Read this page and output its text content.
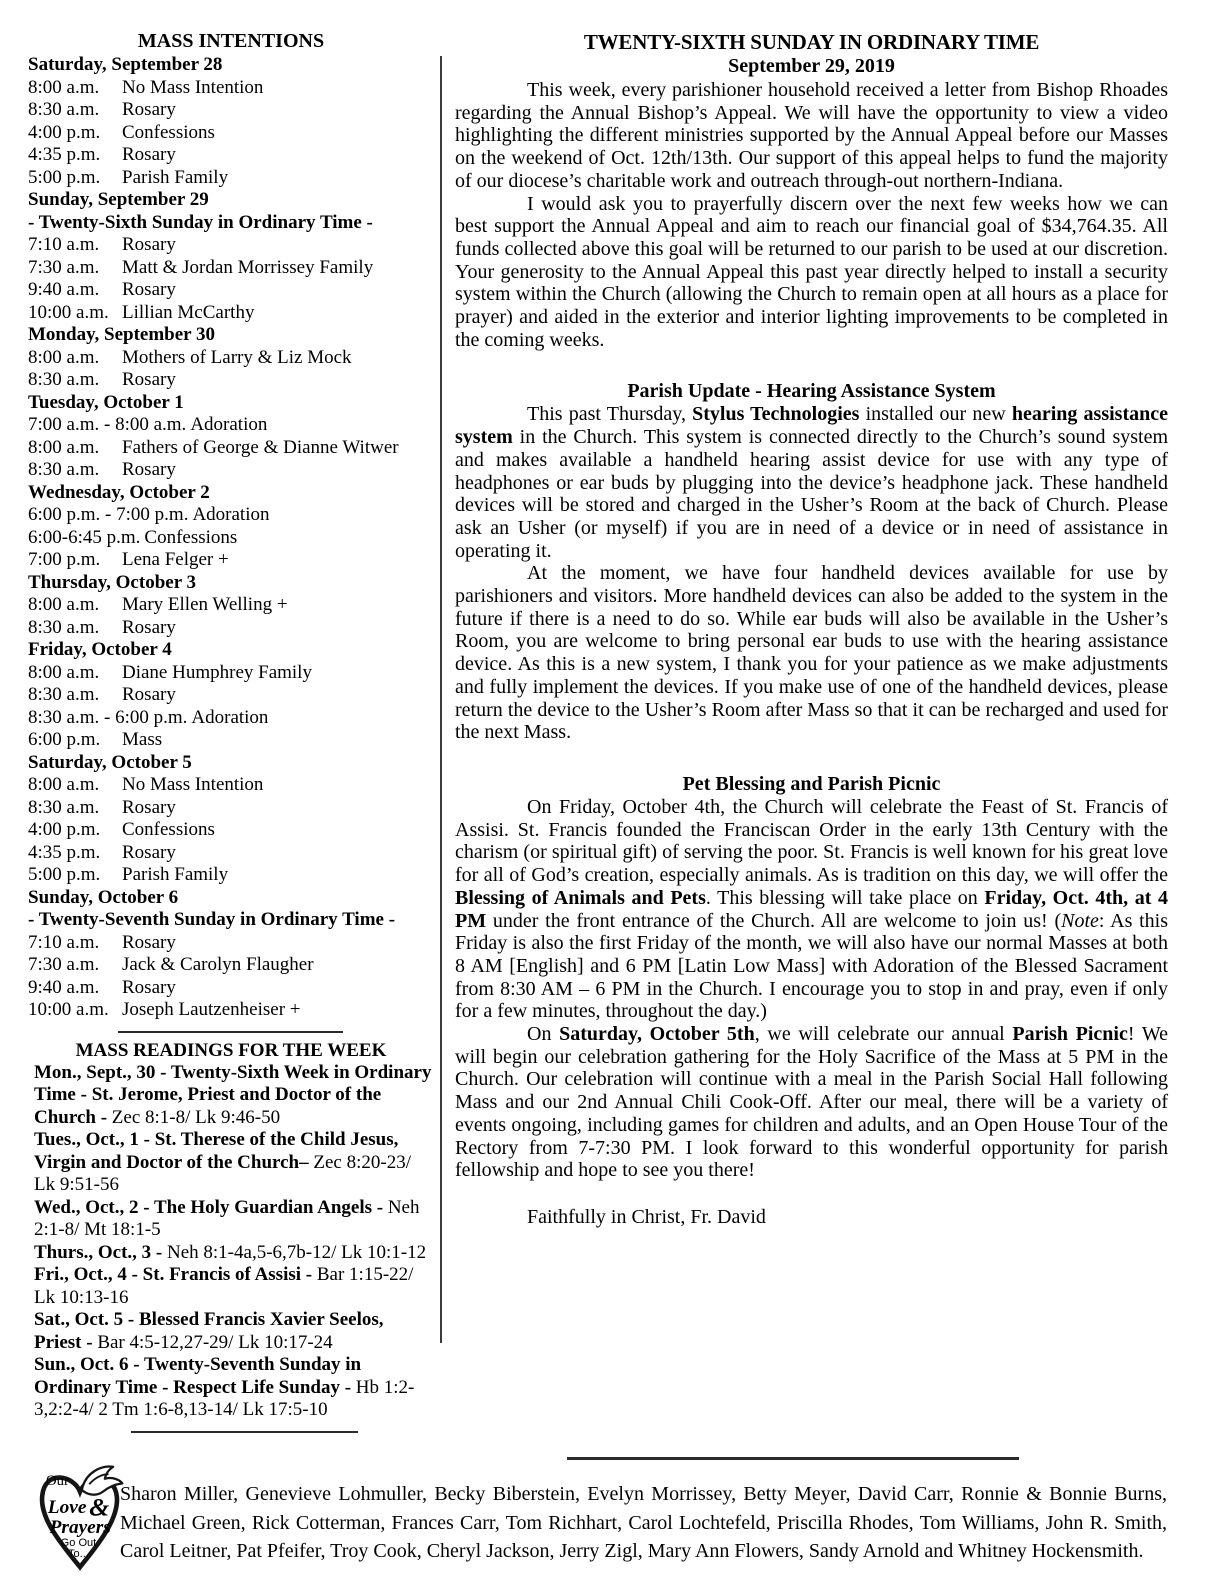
MASS INTENTIONS
Saturday, September 28
8:00 a.m.	No Mass Intention
8:30 a.m.	Rosary
4:00 p.m.	Confessions
4:35 p.m.	Rosary
5:00 p.m.	Parish Family
Sunday, September 29
- Twenty-Sixth Sunday in Ordinary Time -
7:10 a.m.	Rosary
7:30 a.m.	Matt & Jordan Morrissey Family
9:40 a.m.	Rosary
10:00 a.m. Lillian McCarthy
Monday, September 30
8:00 a.m.	Mothers of Larry & Liz Mock
8:30 a.m.	Rosary
Tuesday, October 1
7:00 a.m. - 8:00 a.m. Adoration
8:00 a.m.	Fathers of George & Dianne Witwer
8:30 a.m.	Rosary
Wednesday, October 2
6:00 p.m. - 7:00 p.m. Adoration
6:00-6:45 p.m. Confessions
7:00 p.m.	Lena Felger +
Thursday, October 3
8:00 a.m.	Mary Ellen Welling +
8:30 a.m.	Rosary
Friday, October 4
8:00 a.m.	Diane Humphrey Family
8:30 a.m.	Rosary
8:30 a.m. - 6:00 p.m. Adoration
6:00 p.m.	Mass
Saturday, October 5
8:00 a.m.	No Mass Intention
8:30 a.m.	Rosary
4:00 p.m.	Confessions
4:35 p.m.	Rosary
5:00 p.m.	Parish Family
Sunday, October 6
- Twenty-Seventh Sunday in Ordinary Time -
7:10 a.m.	Rosary
7:30 a.m.	Jack & Carolyn Flaugher
9:40 a.m.	Rosary
10:00 a.m. Joseph Lautzenheiser +
MASS READINGS FOR THE WEEK
Mon., Sept., 30 - Twenty-Sixth Week in Ordinary Time - St. Jerome, Priest and Doctor of the Church - Zec 8:1-8/ Lk 9:46-50
Tues., Oct., 1 - St. Therese of the Child Jesus, Virgin and Doctor of the Church– Zec 8:20-23/ Lk 9:51-56
Wed., Oct., 2 - The Holy Guardian Angels - Neh 2:1-8/ Mt 18:1-5
Thurs., Oct., 3 - Neh 8:1-4a,5-6,7b-12/ Lk 10:1-12
Fri., Oct., 4 - St. Francis of Assisi - Bar 1:15-22/ Lk 10:13-16
Sat., Oct. 5 - Blessed Francis Xavier Seelos, Priest - Bar 4:5-12,27-29/ Lk 10:17-24
Sun., Oct. 6 - Twenty-Seventh Sunday in Ordinary Time - Respect Life Sunday - Hb 1:2-3,2:2-4/ 2 Tm 1:6-8,13-14/ Lk 17:5-10
TWENTY-SIXTH SUNDAY IN ORDINARY TIME
September 29, 2019

This week, every parishioner household received a letter from Bishop Rhoades regarding the Annual Bishop’s Appeal. We will have the opportunity to view a video highlighting the different ministries supported by the Annual Appeal before our Masses on the weekend of Oct. 12th/13th. Our support of this appeal helps to fund the majority of our diocese’s charitable work and outreach through-out northern-Indiana.

I would ask you to prayerfully discern over the next few weeks how we can best support the Annual Appeal and aim to reach our financial goal of $34,764.35. All funds collected above this goal will be returned to our parish to be used at our discretion. Your generosity to the Annual Appeal this past year directly helped to install a security system within the Church (allowing the Church to remain open at all hours as a place for prayer) and aided in the exterior and interior lighting improvements to be completed in the coming weeks.

Parish Update - Hearing Assistance System

This past Thursday, Stylus Technologies installed our new hearing assistance system in the Church. This system is connected directly to the Church’s sound system and makes available a handheld hearing assist device for use with any type of headphones or ear buds by plugging into the device’s headphone jack. These handheld devices will be stored and charged in the Usher’s Room at the back of Church. Please ask an Usher (or myself) if you are in need of a device or in need of assistance in operating it.

At the moment, we have four handheld devices available for use by parishioners and visitors. More handheld devices can also be added to the system in the future if there is a need to do so. While ear buds will also be available in the Usher’s Room, you are welcome to bring personal ear buds to use with the hearing assistance device. As this is a new system, I thank you for your patience as we make adjustments and fully implement the devices. If you make use of one of the handheld devices, please return the device to the Usher’s Room after Mass so that it can be recharged and used for the next Mass.

Pet Blessing and Parish Picnic

On Friday, October 4th, the Church will celebrate the Feast of St. Francis of Assisi. St. Francis founded the Franciscan Order in the early 13th Century with the charism (or spiritual gift) of serving the poor. St. Francis is well known for his great love for all of God’s creation, especially animals. As is tradition on this day, we will offer the Blessing of Animals and Pets. This blessing will take place on Friday, Oct. 4th, at 4 PM under the front entrance of the Church. All are welcome to join us! (Note: As this Friday is also the first Friday of the month, we will also have our normal Masses at both 8 AM [English] and 6 PM [Latin Low Mass] with Adoration of the Blessed Sacrament from 8:30 AM – 6 PM in the Church. I encourage you to stop in and pray, even if only for a few minutes, throughout the day.)

On Saturday, October 5th, we will celebrate our annual Parish Picnic! We will begin our celebration gathering for the Holy Sacrifice of the Mass at 5 PM in the Church. Our celebration will continue with a meal in the Parish Social Hall following Mass and our 2nd Annual Chili Cook-Off. After our meal, there will be a variety of events ongoing, including games for children and adults, and an Open House Tour of the Rectory from 7-7:30 PM. I look forward to this wonderful opportunity for parish fellowship and hope to see you there!

Faithfully in Christ, Fr. David
Our
Love &
Prayers
Go Out
To...
Sharon Miller, Genevieve Lohmuller, Becky Biberstein, Evelyn Morrissey, Betty Meyer, David Carr, Ronnie & Bonnie Burns, Michael Green, Rick Cotterman, Frances Carr, Tom Richhart, Carol Lochtefeld, Priscilla Rhodes, Tom Williams, John R. Smith, Carol Leitner, Pat Pfeifer, Troy Cook, Cheryl Jackson, Jerry Zigl, Mary Ann Flowers, Sandy Arnold and Whitney Hockensmith.
